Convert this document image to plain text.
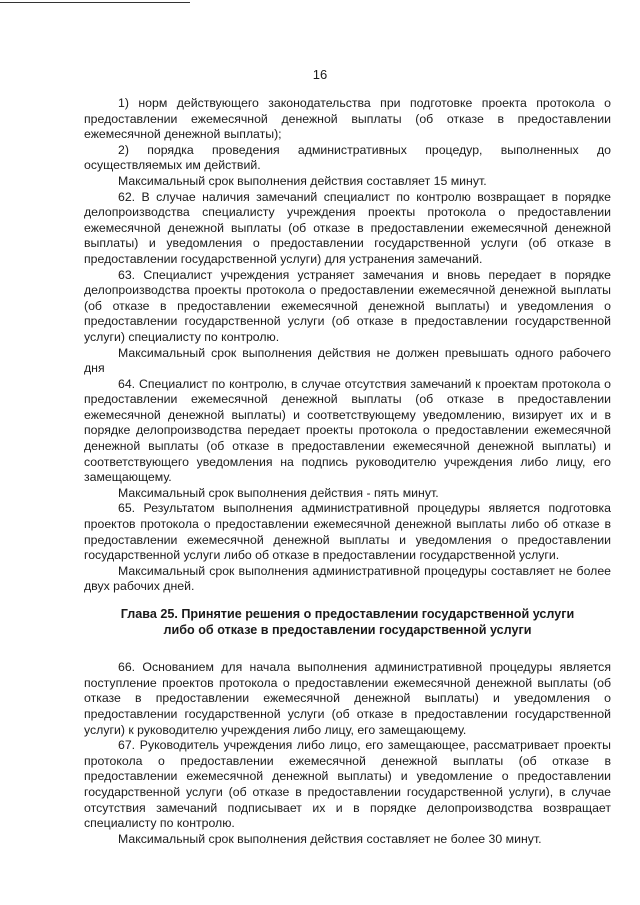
16

1) норм действующего законодательства при подготовке проекта протокола о предоставлении ежемесячной денежной выплаты (об отказе в предоставлении ежемесячной денежной выплаты);

2) порядка проведения административных процедур, выполненных до осуществляемых им действий.

Максимальный срок выполнения действия составляет 15 минут.

62. В случае наличия замечаний специалист по контролю возвращает в порядке делопроизводства специалисту учреждения проекты протокола о предоставлении ежемесячной денежной выплаты (об отказе в предоставлении ежемесячной денежной выплаты) и уведомления о предоставлении государственной услуги (об отказе в предоставлении государственной услуги) для устранения замечаний.

63. Специалист учреждения устраняет замечания и вновь передает в порядке делопроизводства проекты протокола о предоставлении ежемесячной денежной выплаты (об отказе в предоставлении ежемесячной денежной выплаты) и уведомления о предоставлении государственной услуги (об отказе в предоставлении государственной услуги) специалисту по контролю.

Максимальный срок выполнения действия не должен превышать одного рабочего дня

64. Специалист по контролю, в случае отсутствия замечаний к проектам протокола о предоставлении ежемесячной денежной выплаты (об отказе в предоставлении ежемесячной денежной выплаты) и соответствующему уведомлению, визирует их и в порядке делопроизводства передает проекты протокола о предоставлении ежемесячной денежной выплаты (об отказе в предоставлении ежемесячной денежной выплаты) и соответствующего уведомления на подпись руководителю учреждения либо лицу, его замещающему.

Максимальный срок выполнения действия - пять минут.

65. Результатом выполнения административной процедуры является подготовка проектов протокола о предоставлении ежемесячной денежной выплаты либо об отказе в предоставлении ежемесячной денежной выплаты и уведомления о предоставлении государственной услуги либо об отказе в предоставлении государственной услуги.

Максимальный срок выполнения административной процедуры составляет не более двух рабочих дней.

Глава 25. Принятие решения о предоставлении государственной услуги
либо об отказе в предоставлении государственной услуги

66. Основанием для начала выполнения административной процедуры является поступление проектов протокола о предоставлении ежемесячной денежной выплаты (об отказе в предоставлении ежемесячной денежной выплаты) и уведомления о предоставлении государственной услуги (об отказе в предоставлении государственной услуги) к руководителю учреждения либо лицу, его замещающему.

67. Руководитель учреждения либо лицо, его замещающее, рассматривает проекты протокола о предоставлении ежемесячной денежной выплаты (об отказе в предоставлении ежемесячной денежной выплаты) и уведомление о предоставлении государственной услуги (об отказе в предоставлении государственной услуги), в случае отсутствия замечаний подписывает их и в порядке делопроизводства возвращает специалисту по контролю.

Максимальный срок выполнения действия составляет не более 30 минут.
